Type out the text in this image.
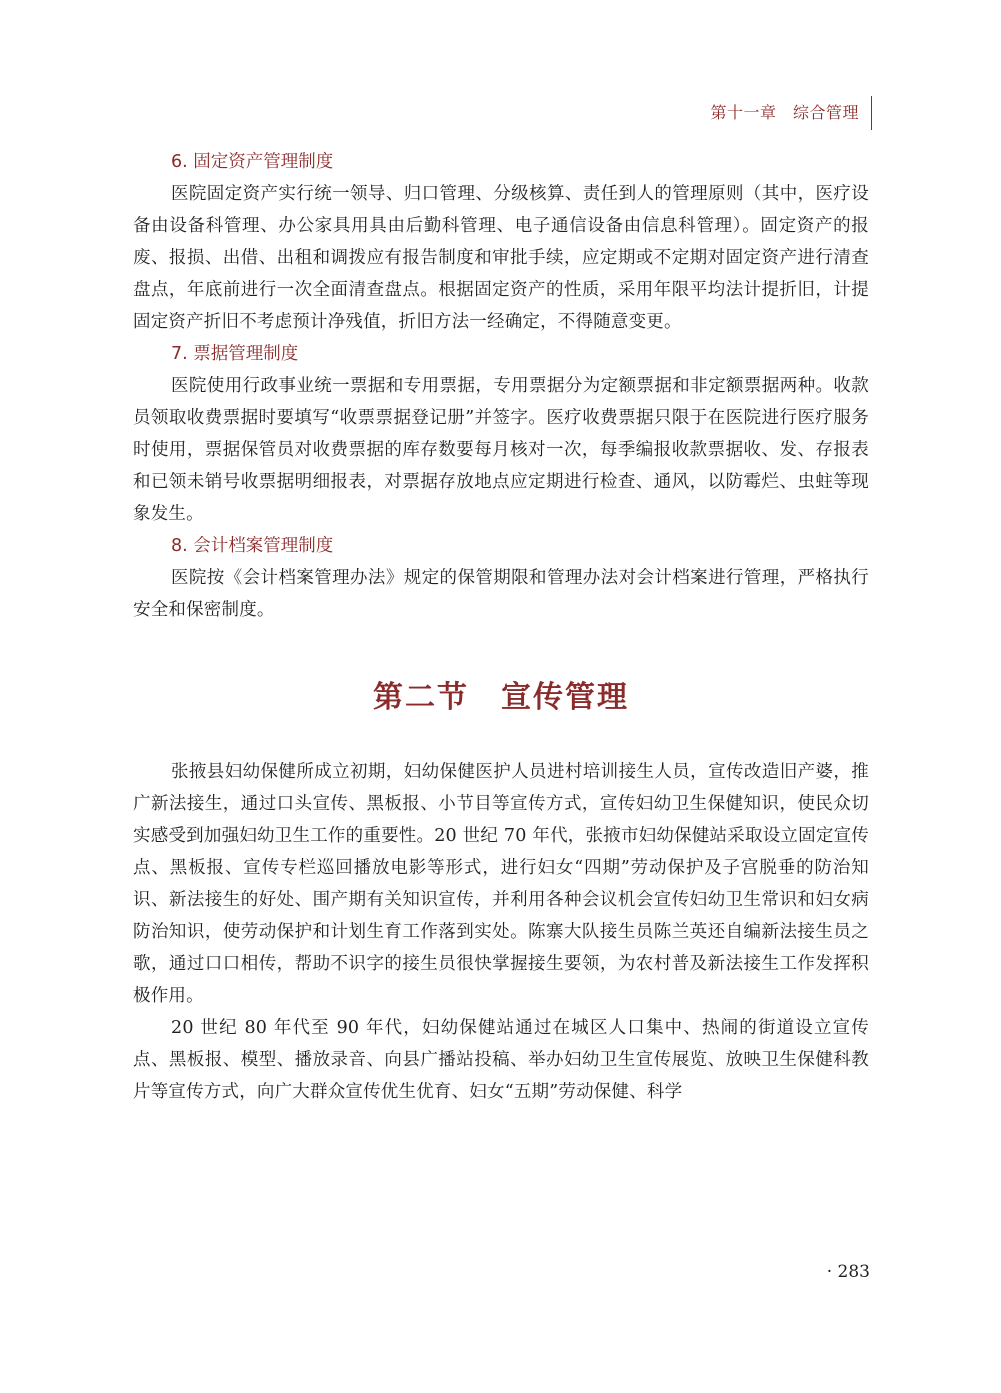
第十一章　综合管理

6. 固定资产管理制度

医院固定资产实行统一领导、归口管理、分级核算、责任到人的管理原则（其中，医疗设备由设备科管理、办公家具用具由后勤科管理、电子通信设备由信息科管理）。固定资产的报废、报损、出借、出租和调拨应有报告制度和审批手续，应定期或不定期对固定资产进行清查盘点，年底前进行一次全面清查盘点。根据固定资产的性质，采用年限平均法计提折旧，计提固定资产折旧不考虑预计净残值，折旧方法一经确定，不得随意变更。

7. 票据管理制度

医院使用行政事业统一票据和专用票据，专用票据分为定额票据和非定额票据两种。收款员领取收费票据时要填写“收票票据登记册”并签字。医疗收费票据只限于在医院进行医疗服务时使用，票据保管员对收费票据的库存数要每月核对一次，每季编报收款票据收、发、存报表和已领未销号收票据明细报表，对票据存放地点应定期进行检查、通风，以防霉烂、虫蛀等现象发生。

8. 会计档案管理制度

医院按《会计档案管理办法》规定的保管期限和管理办法对会计档案进行管理，严格执行安全和保密制度。

第二节　宣传管理

张掖县妇幼保健所成立初期，妇幼保健医护人员进村培训接生人员，宣传改造旧产婆，推广新法接生，通过口头宣传、黑板报、小节目等宣传方式，宣传妇幼卫生保健知识，使民众切实感受到加强妇幼卫生工作的重要性。20 世纪 70 年代，张掖市妇幼保健站采取设立固定宣传点、黑板报、宣传专栏巡回播放电影等形式，进行妇女“四期”劳动保护及子宫脱垂的防治知识、新法接生的好处、围产期有关知识宣传，并利用各种会议机会宣传妇幼卫生常识和妇女病防治知识，使劳动保护和计划生育工作落到实处。陈寨大队接生员陈兰英还自编新法接生员之歌，通过口口相传，帮助不识字的接生员很快掌握接生要领，为农村普及新法接生工作发挥积极作用。

20 世纪 80 年代至 90 年代，妇幼保健站通过在城区人口集中、热闹的街道设立宣传点、黑板报、模型、播放录音、向县广播站投稿、举办妇幼卫生宣传展览、放映卫生保健科教片等宣传方式，向广大群众宣传优生优育、妇女“五期”劳动保健、科学

· 283
